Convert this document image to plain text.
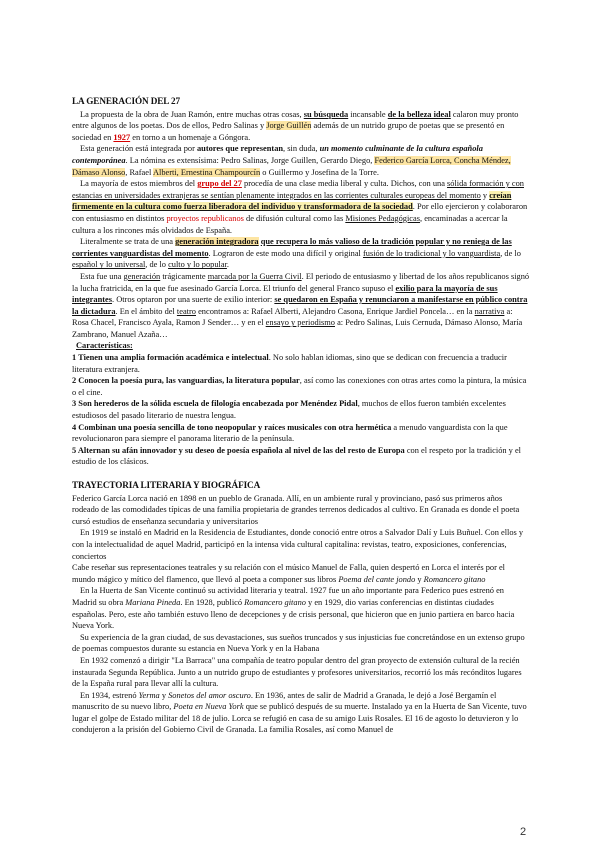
LA GENERACIÓN DEL 27

La propuesta de la obra de Juan Ramón, entre muchas otras cosas, su búsqueda incansable de la belleza ideal calaron muy pronto entre algunos de los poetas. Dos de ellos, Pedro Salinas y Jorge Guillén además de un nutrido grupo de poetas que se presentó en sociedad en 1927 en torno a un homenaje a Góngora.

Esta generación está integrada por autores que representan, sin duda, un momento culminante de la cultura española contemporánea. La nómina es extensísima: Pedro Salinas, Jorge Guillen, Gerardo Diego, Federico García Lorca, Concha Méndez, Dámaso Alonso, Rafael Alberti, Ernestina Champourcín o Guillermo y Josefina de la Torre.

La mayoría de estos miembros del grupo del 27 procedía de una clase media liberal y culta. Dichos, con una sólida formación y con estancias en universidades extranjeras se sentían plenamente integrados en las corrientes culturales europeas del momento y creían firmemente en la cultura como fuerza liberadora del individuo y transformadora de la sociedad. Por ello ejercieron y colaboraron con entusiasmo en distintos proyectos republicanos de difusión cultural como las Misiones Pedagógicas, encaminadas a acercar la cultura a los rincones más olvidados de España.

Literalmente se trata de una generación integradora que recupera lo más valioso de la tradición popular y no reniega de las corrientes vanguardistas del momento. Lograron de este modo una difícil y original fusión de lo tradicional y lo vanguardista, de lo español y lo universal, de lo culto y lo popular.

Esta fue una generación trágicamente marcada por la Guerra Civil. El periodo de entusiasmo y libertad de los años republicanos signó la lucha fratricida, en la que fue asesinado García Lorca. El triunfo del general Franco supuso el exilio para la mayoría de sus integrantes. Otros optaron por una suerte de exilio interior: se quedaron en España y renunciaron a manifestarse en público contra la dictadura. En el ámbito del teatro encontramos a: Rafael Alberti, Alejandro Casona, Enrique Jardiel Poncela… en la narrativa a: Rosa Chacel, Francisco Ayala, Ramon J Sender… y en el ensayo y periodismo a: Pedro Salinas, Luis Cernuda, Dámaso Alonso, María Zambrano, Manuel Azaña…

Características:

1 Tienen una amplia formación académica e intelectual. No solo hablan idiomas, sino que se dedican con frecuencia a traducir literatura extranjera.

2 Conocen la poesía pura, las vanguardias, la literatura popular, así como las conexiones con otras artes como la pintura, la música o el cine.

3 Son herederos de la sólida escuela de filología encabezada por Menéndez Pidal, muchos de ellos fueron también excelentes estudiosos del pasado literario de nuestra lengua.

4 Combinan una poesía sencilla de tono neopopular y raíces musicales con otra hermética a menudo vanguardista con la que revolucionaron para siempre el panorama literario de la península.

5 Alternan su afán innovador y su deseo de poesía española al nivel de las del resto de Europa con el respeto por la tradición y el estudio de los clásicos.

TRAYECTORIA LITERARIA Y BIOGRÁFICA

Federico García Lorca nació en 1898 en un pueblo de Granada. Allí, en un ambiente rural y provinciano, pasó sus primeros años rodeado de las comodidades típicas de una familia propietaria de grandes terrenos dedicados al cultivo. En Granada es donde el poeta cursó estudios de enseñanza secundaria y universitarios

En 1919 se instaló en Madrid en la Residencia de Estudiantes, donde conoció entre otros a Salvador Dalí y Luis Buñuel. Con ellos y con la intelectualidad de aquel Madrid, participó en la intensa vida cultural capitalina: revistas, teatro, exposiciones, conferencias, conciertos

Cabe reseñar sus representaciones teatrales y su relación con el músico Manuel de Falla, quien despertó en Lorca el interés por el mundo mágico y mítico del flamenco, que llevó al poeta a componer sus libros Poema del cante jondo y Romancero gitano

En la Huerta de San Vicente continuó su actividad literaria y teatral. 1927 fue un año importante para Federico pues estrenó en Madrid su obra Mariana Pineda. En 1928, publicó Romancero gitano y en 1929, dio varias conferencias en distintas ciudades españolas. Pero, este año también estuvo lleno de decepciones y de crisis personal, que hicieron que en junio partiera en barco hacia Nueva York.

Su experiencia de la gran ciudad, de sus devastaciones, sus sueños truncados y sus injusticias fue concretándose en un extenso grupo de poemas compuestos durante su estancia en Nueva York y en la Habana

En 1932 comenzó a dirigir "La Barraca" una compañía de teatro popular dentro del gran proyecto de extensión cultural de la recién instaurada Segunda República. Junto a un nutrido grupo de estudiantes y profesores universitarios, recorrió los más recónditos lugares de la España rural para llevar allí la cultura.

En 1934, estrenó Yerma y Sonetos del amor oscuro. En 1936, antes de salir de Madrid a Granada, le dejó a José Bergamín el manuscrito de su nuevo libro, Poeta en Nueva York que se publicó después de su muerte. Instalado ya en la Huerta de San Vicente, tuvo lugar el golpe de Estado militar del 18 de julio. Lorca se refugió en casa de su amigo Luis Rosales. El 16 de agosto lo detuvieron y lo condujeron a la prisión del Gobierno Civil de Granada. La familia Rosales, así como Manuel de

2
